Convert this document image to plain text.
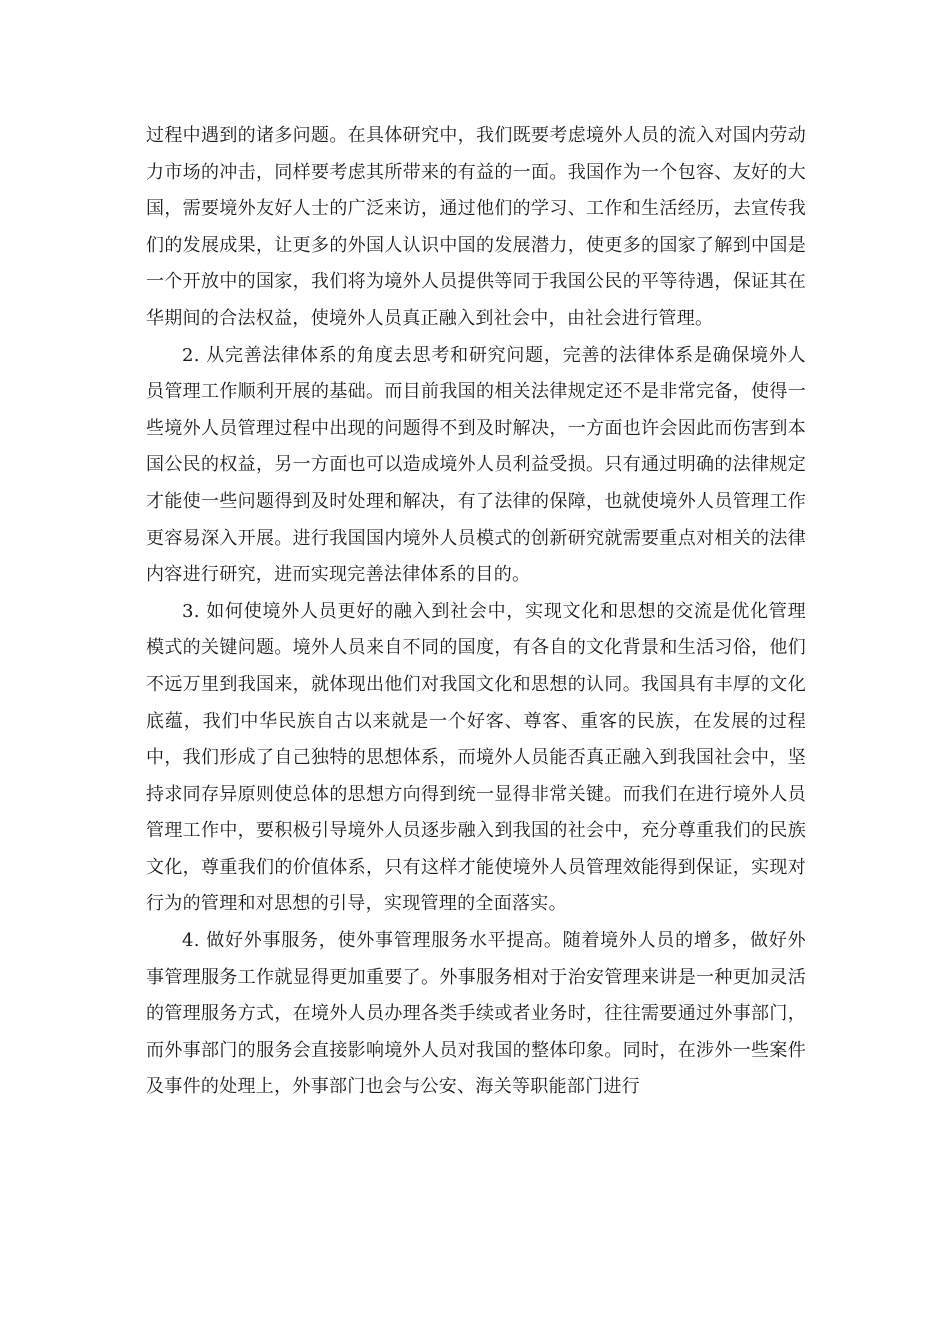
过程中遇到的诸多问题。在具体研究中，我们既要考虑境外人员的流入对国内劳动力市场的冲击，同样要考虑其所带来的有益的一面。我国作为一个包容、友好的大国，需要境外友好人士的广泛来访，通过他们的学习、工作和生活经历，去宣传我们的发展成果，让更多的外国人认识中国的发展潜力，使更多的国家了解到中国是一个开放中的国家，我们将为境外人员提供等同于我国公民的平等待遇，保证其在华期间的合法权益，使境外人员真正融入到社会中，由社会进行管理。

2. 从完善法律体系的角度去思考和研究问题，完善的法律体系是确保境外人员管理工作顺利开展的基础。而目前我国的相关法律规定还不是非常完备，使得一些境外人员管理过程中出现的问题得不到及时解决，一方面也许会因此而伤害到本国公民的权益，另一方面也可以造成境外人员利益受损。只有通过明确的法律规定才能使一些问题得到及时处理和解决，有了法律的保障，也就使境外人员管理工作更容易深入开展。进行我国国内境外人员模式的创新研究就需要重点对相关的法律内容进行研究，进而实现完善法律体系的目的。

3. 如何使境外人员更好的融入到社会中，实现文化和思想的交流是优化管理模式的关键问题。境外人员来自不同的国度，有各自的文化背景和生活习俗，他们不远万里到我国来，就体现出他们对我国文化和思想的认同。我国具有丰厚的文化底蕴，我们中华民族自古以来就是一个好客、尊客、重客的民族，在发展的过程中，我们形成了自己独特的思想体系，而境外人员能否真正融入到我国社会中，坚持求同存异原则使总体的思想方向得到统一显得非常关键。而我们在进行境外人员管理工作中，要积极引导境外人员逐步融入到我国的社会中，充分尊重我们的民族文化，尊重我们的价值体系，只有这样才能使境外人员管理效能得到保证，实现对行为的管理和对思想的引导，实现管理的全面落实。

4. 做好外事服务，使外事管理服务水平提高。随着境外人员的增多，做好外事管理服务工作就显得更加重要了。外事服务相对于治安管理来讲是一种更加灵活的管理服务方式，在境外人员办理各类手续或者业务时，往往需要通过外事部门，而外事部门的服务会直接影响境外人员对我国的整体印象。同时，在涉外一些案件及事件的处理上，外事部门也会与公安、海关等职能部门进行
